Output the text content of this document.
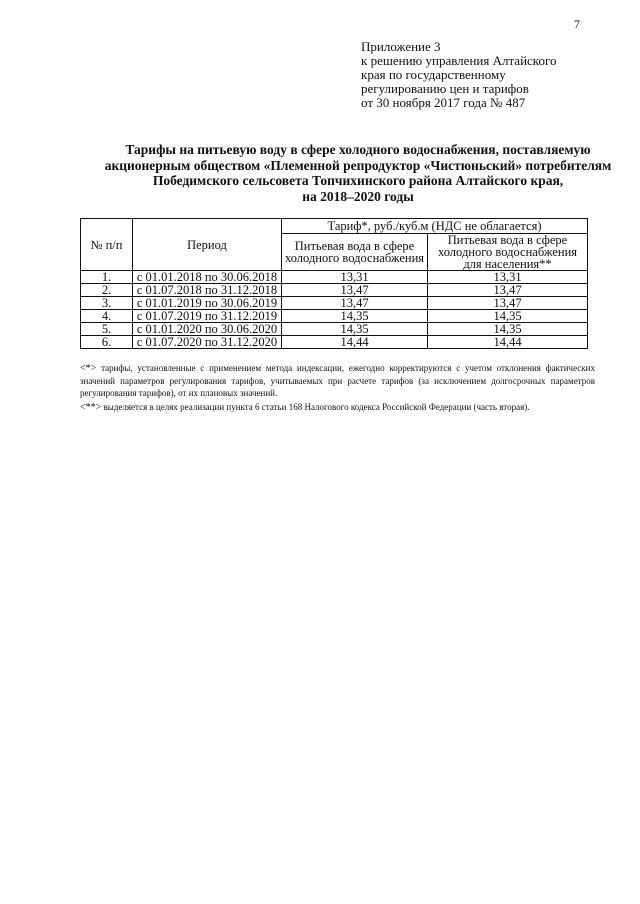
7
Приложение 3
к решению управления Алтайского
края по государственному
регулированию цен и тарифов
от 30 ноября 2017 года № 487
Тарифы на питьевую воду в сфере холодного водоснабжения, поставляемую
акционерным обществом «Племенной репродуктор «Чистюньский» потребителям
Победимского сельсовета Топчихинского района Алтайского края,
на 2018–2020 годы
№ п/п	Период	Тариф*, руб./куб.м (НДС не облагается)	
		Питьевая вода в сфере холодного водоснабжения	Питьевая вода в сфере холодного водоснабжения для населения**
1.	с 01.01.2018 по 30.06.2018	13,31	13,31
2.	с 01.07.2018 по 31.12.2018	13,47	13,47
3.	с 01.01.2019 по 30.06.2019	13,47	13,47
4.	с 01.07.2019 по 31.12.2019	14,35	14,35
5.	с 01.01.2020 по 30.06.2020	14,35	14,35
6.	с 01.07.2020 по 31.12.2020	14,44	14,44

<*> тарифы, установленные с применением метода индексации, ежегодно корректируются с учетом отклонения фактических значений параметров регулирования тарифов, учитываемых при расчете тарифов (за исключением долгосрочных параметров регулирования тарифов), от их плановых значений.

<**> выделяется в целях реализации пункта 6 статьи 168 Налогового кодекса Российской Федерации (часть вторая).
